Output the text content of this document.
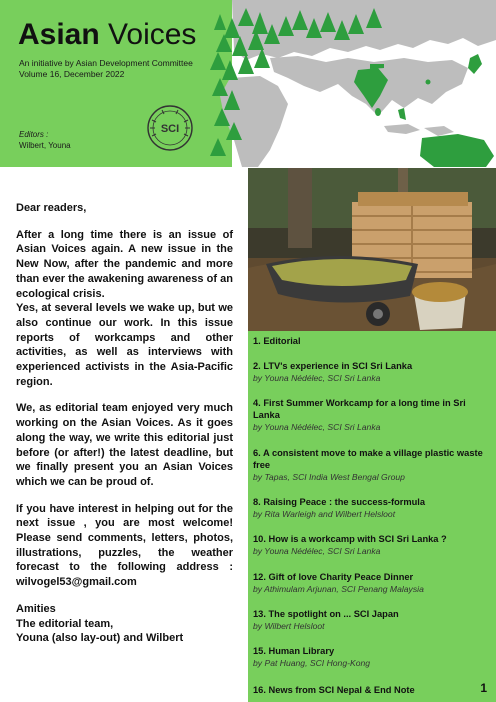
Asian Voices
An initiative by Asian Development Committee
Volume 16, December 2022
SCI
Editors :
Wilbert, Youna

Dear readers,

After a long time there is an issue of Asian Voices again. A new issue in the New Now, after the pandemic and more than ever the awakening awareness of an ecological crisis.

Yes, at several levels we wake up, but we also continue our work. In this issue reports of workcamps and other activities, as well as interviews with experienced activists in the Asia-Pacific region.

We, as editorial team enjoyed very much working on the Asian Voices. As it goes along the way, we write this editorial just before (or after!) the latest deadline, but we finally present you an Asian Voices which we can be proud of.

If you have interest in helping out for the next issue , you are most welcome! Please send comments, letters, photos, illustrations, puzzles, the weather forecast to the following address : wilvogel53@gmail.com

Amities

The editorial team,

Youna (also lay-out) and Wilbert

1. Editorial
2. LTV's experience in SCI Sri Lanka
by Youna Nédélec, SCI Sri Lanka
4. First Summer Workcamp for a long time in Sri Lanka
by Youna Nédélec, SCI Sri Lanka
6. A consistent move to make a village plastic waste free
by Tapas, SCI India West Bengal Group
8. Raising Peace : the success-formula
by Rita Warleigh and Wilbert Helsloot
10. How is a workcamp with SCI Sri Lanka ?
by Youna Nédélec, SCI Sri Lanka
12. Gift of love Charity Peace Dinner
by Athimulam Arjunan, SCI Penang Malaysia
13. The spotlight on ... SCI Japan
by Wilbert Helsloot
15. Human Library
by Pat Huang, SCI Hong-Kong
16. News from SCI Nepal & End Note	1
